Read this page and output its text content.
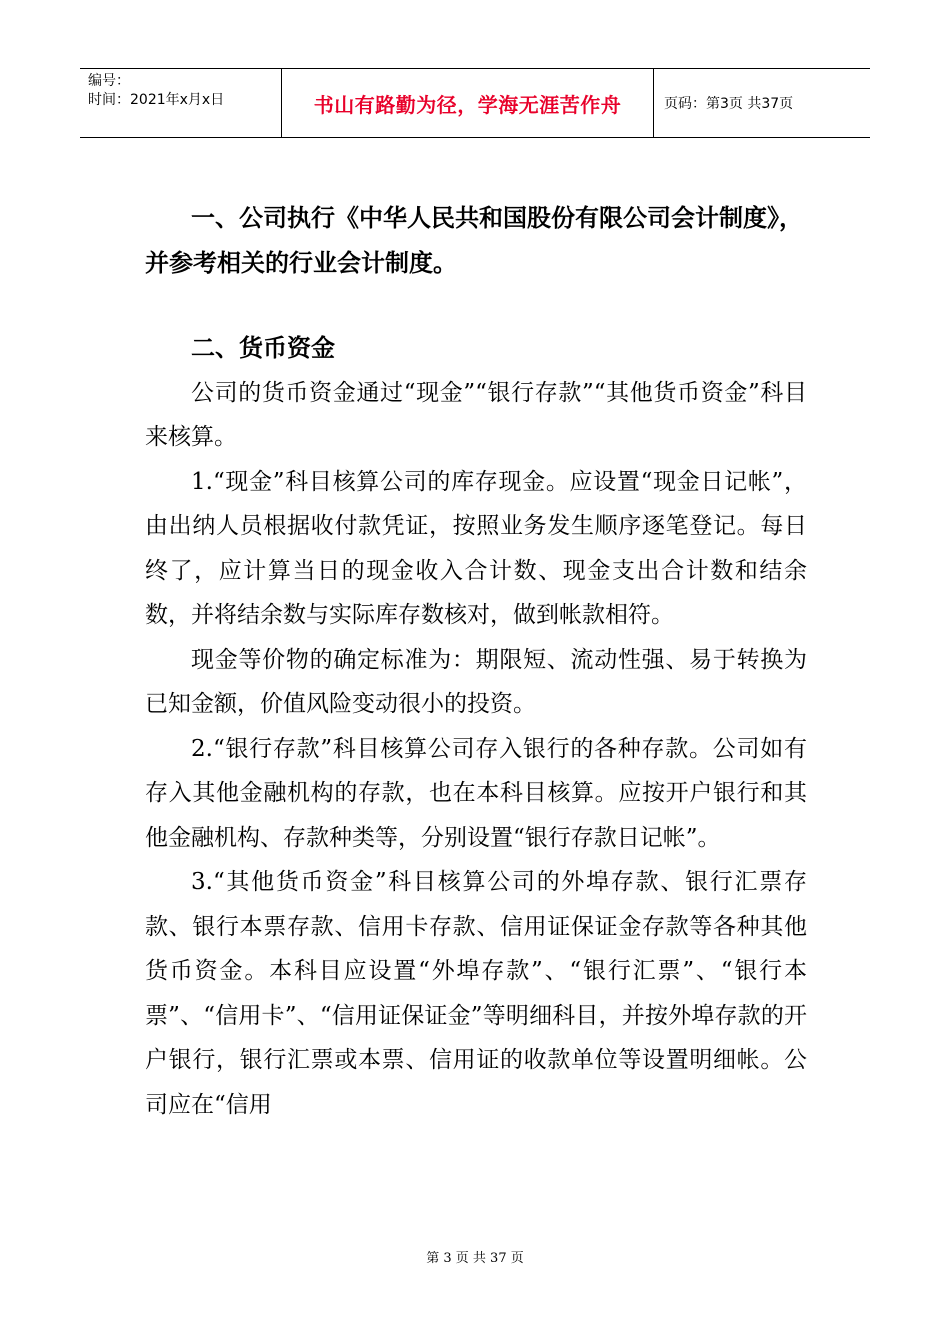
编号：
时间：2021年x月x日	书山有路勤为径，学海无涯苦作舟	页码：第3页 共37页

一、公司执行《中华人民共和国股份有限公司会计制度》，并参考相关的行业会计制度。

二、货币资金

公司的货币资金通过“现金”“银行存款”“其他货币资金”科目来核算。

1.“现金”科目核算公司的库存现金。应设置“现金日记帐”，由出纳人员根据收付款凭证，按照业务发生顺序逐笔登记。每日终了，应计算当日的现金收入合计数、现金支出合计数和结余数，并将结余数与实际库存数核对，做到帐款相符。

现金等价物的确定标准为：期限短、流动性强、易于转换为已知金额，价值风险变动很小的投资。

2.“银行存款”科目核算公司存入银行的各种存款。公司如有存入其他金融机构的存款，也在本科目核算。应按开户银行和其他金融机构、存款种类等，分别设置“银行存款日记帐”。

3.“其他货币资金”科目核算公司的外埠存款、银行汇票存款、银行本票存款、信用卡存款、信用证保证金存款等各种其他货币资金。本科目应设置“外埠存款”、“银行汇票”、“银行本票”、“信用卡”、“信用证保证金”等明细科目，并按外埠存款的开户银行，银行汇票或本票、信用证的收款单位等设置明细帐。公司应在“信用

第 3 页 共 37 页
